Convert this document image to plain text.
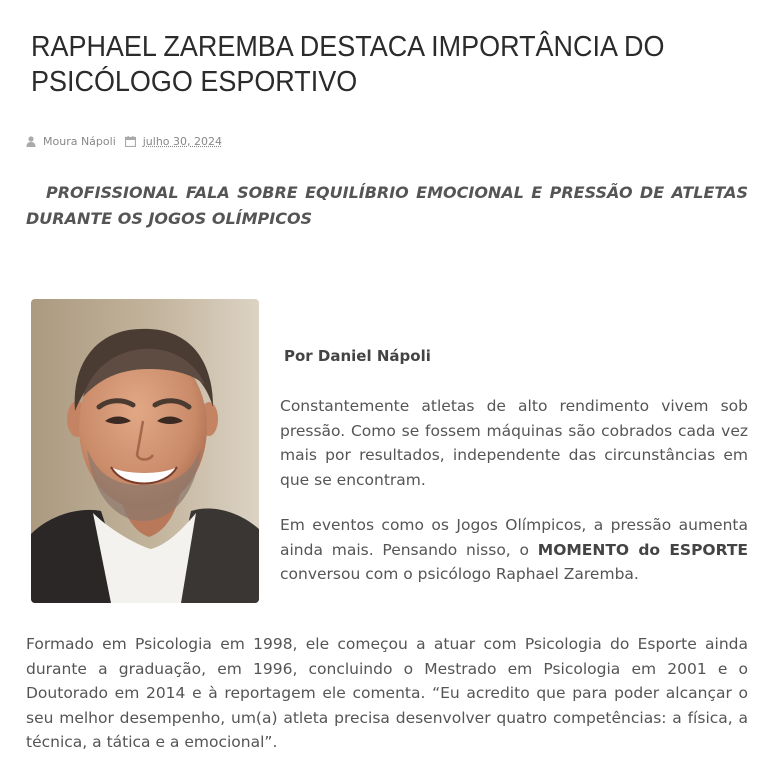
RAPHAEL ZAREMBA DESTACA IMPORTÂNCIA DO PSICÓLOGO ESPORTIVO
Moura Nápoli julho 30, 2024

PROFISSIONAL FALA SOBRE EQUILÍBRIO EMOCIONAL E PRESSÃO DE ATLETAS DURANTE OS JOGOS OLÍMPICOS

Por Daniel Nápoli

Constantemente atletas de alto rendimento vivem sob pressão. Como se fossem máquinas são cobrados cada vez mais por resultados, independente das circunstâncias em que se encontram.

Em eventos como os Jogos Olímpicos, a pressão aumenta ainda mais. Pensando nisso, o MOMENTO do ESPORTE conversou com o psicólogo Raphael Zaremba.

Formado em Psicologia em 1998, ele começou a atuar com Psicologia do Esporte ainda durante a graduação, em 1996, concluindo o Mestrado em Psicologia em 2001 e o Doutorado em 2014 e à reportagem ele comenta. “Eu acredito que para poder alcançar o seu melhor desempenho, um(a) atleta precisa desenvolver quatro competências: a física, a técnica, a tática e a emocional”.
